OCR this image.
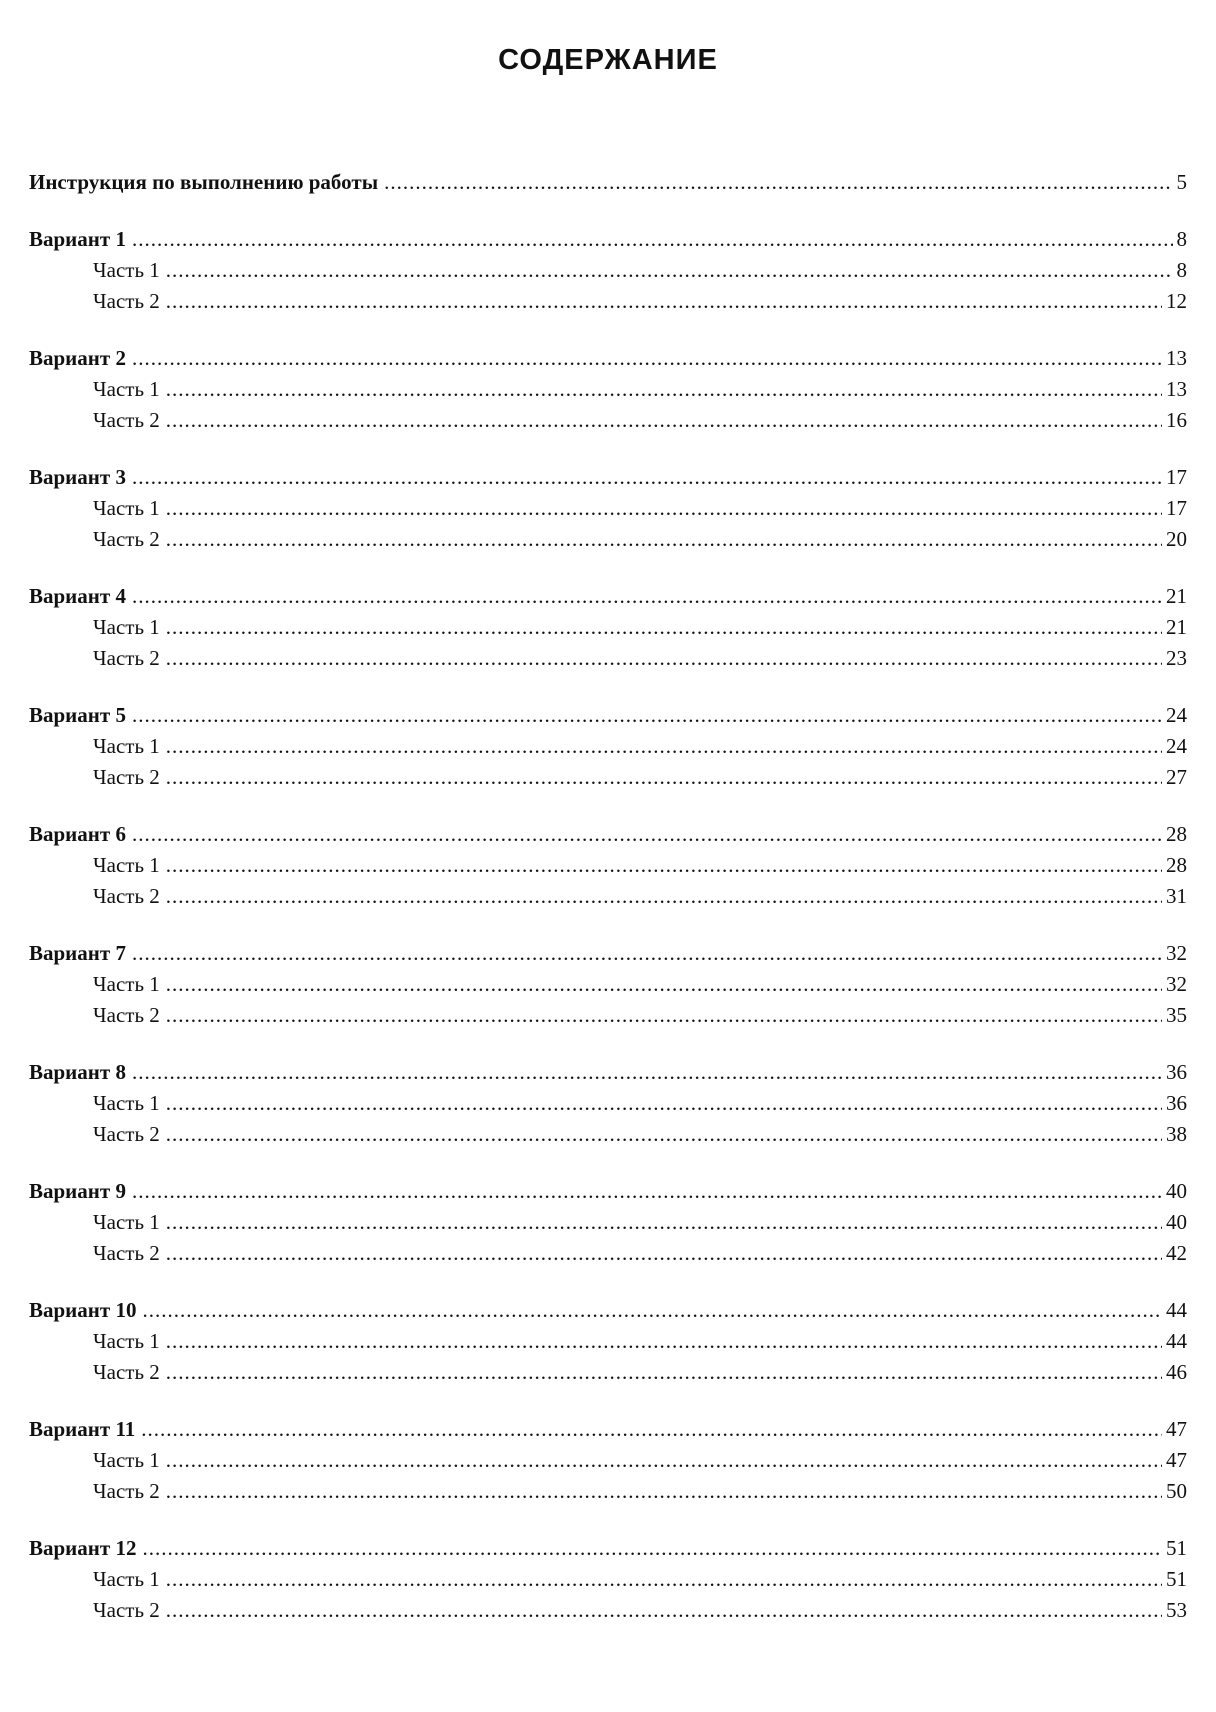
СОДЕРЖАНИЕ
Инструкция по выполнению работы .....	5
Вариант 1 .....	8
Часть 1 .....	8
Часть 2 .....	12
Вариант 2 .....	13
Часть 1 .....	13
Часть 2 .....	16
Вариант 3 .....	17
Часть 1 .....	17
Часть 2 .....	20
Вариант 4 .....	21
Часть 1 .....	21
Часть 2 .....	23
Вариант 5 .....	24
Часть 1 .....	24
Часть 2 .....	27
Вариант 6 .....	28
Часть 1 .....	28
Часть 2 .....	31
Вариант 7 .....	32
Часть 1 .....	32
Часть 2 .....	35
Вариант 8 .....	36
Часть 1 .....	36
Часть 2 .....	38
Вариант 9 .....	40
Часть 1 .....	40
Часть 2 .....	42
Вариант 10 .....	44
Часть 1 .....	44
Часть 2 .....	46
Вариант 11 .....	47
Часть 1 .....	47
Часть 2 .....	50
Вариант 12 .....	51
Часть 1 .....	51
Часть 2 .....	53
